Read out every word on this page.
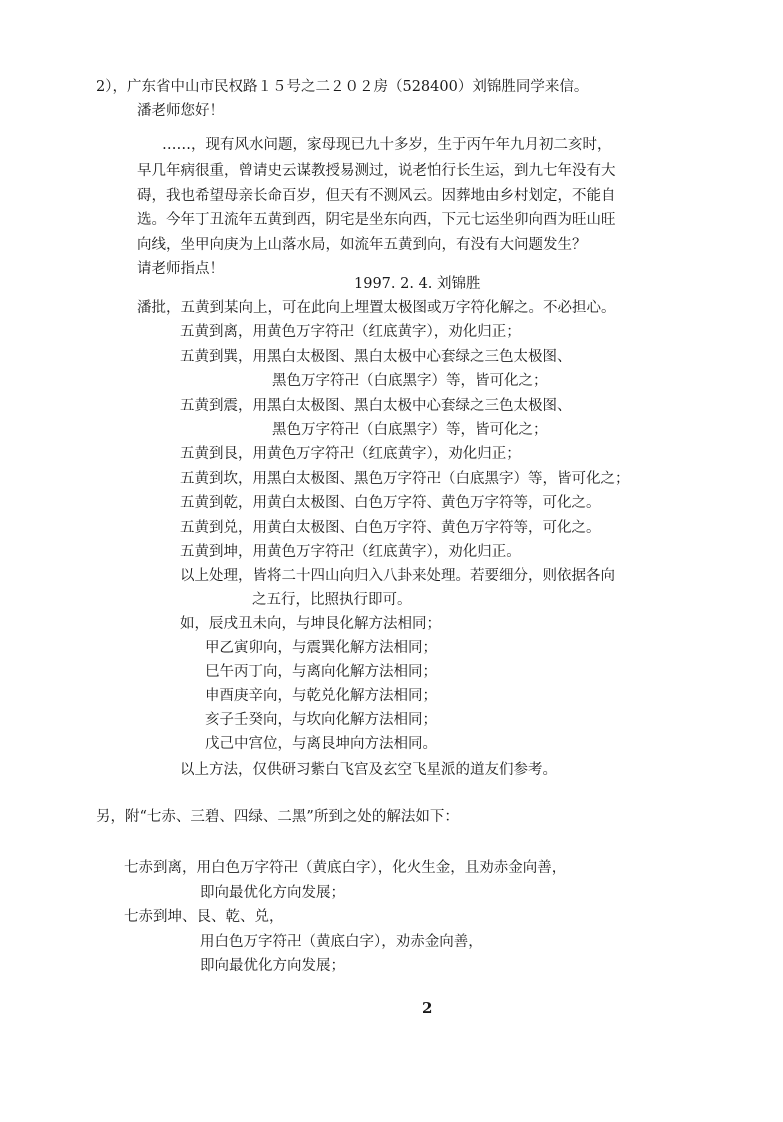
2），广东省中山市民权路１５号之二２０２房（528400）刘锦胜同学来信。
潘老师您好！
……，现有风水问题，家母现已九十多岁，生于丙午年九月初二亥时，
早几年病很重，曾请史云谋教授易测过，说老怕行长生运，到九七年没有大
碍，我也希望母亲长命百岁，但天有不测风云。因葬地由乡村划定，不能自
选。今年丁丑流年五黄到西，阴宅是坐东向西，下元七运坐卯向酉为旺山旺
向线，坐甲向庚为上山落水局，如流年五黄到向，有没有大问题发生？
请老师指点！
1997. 2. 4. 刘锦胜
潘批，五黄到某向上，可在此向上埋置太极图或万字符化解之。不必担心。
五黄到离，用黄色万字符卍（红底黄字），劝化归正；
五黄到巽，用黑白太极图、黑白太极中心套绿之三色太极图、
黑色万字符卍（白底黑字）等，皆可化之；
五黄到震，用黑白太极图、黑白太极中心套绿之三色太极图、
黑色万字符卍（白底黑字）等，皆可化之；
五黄到艮，用黄色万字符卍（红底黄字），劝化归正；
五黄到坎，用黑白太极图、黑色万字符卍（白底黑字）等，皆可化之；
五黄到乾，用黄白太极图、白色万字符、黄色万字符等，可化之。
五黄到兑，用黄白太极图、白色万字符、黄色万字符等，可化之。
五黄到坤，用黄色万字符卍（红底黄字），劝化归正。
以上处理，皆将二十四山向归入八卦来处理。若要细分，则依据各向
之五行，比照执行即可。
如，辰戌丑未向，与坤艮化解方法相同；
甲乙寅卯向，与震巽化解方法相同；
巳午丙丁向，与离向化解方法相同；
申酉庚辛向，与乾兑化解方法相同；
亥子壬癸向，与坎向化解方法相同；
戊己中宫位，与离艮坤向方法相同。
以上方法，仅供研习紫白飞宫及玄空飞星派的道友们参考。
另，附“七赤、三碧、四绿、二黑”所到之处的解法如下：
七赤到离，用白色万字符卍（黄底白字），化火生金，且劝赤金向善，
即向最优化方向发展；
七赤到坤、艮、乾、兑，
用白色万字符卍（黄底白字），劝赤金向善，
即向最优化方向发展；
2
